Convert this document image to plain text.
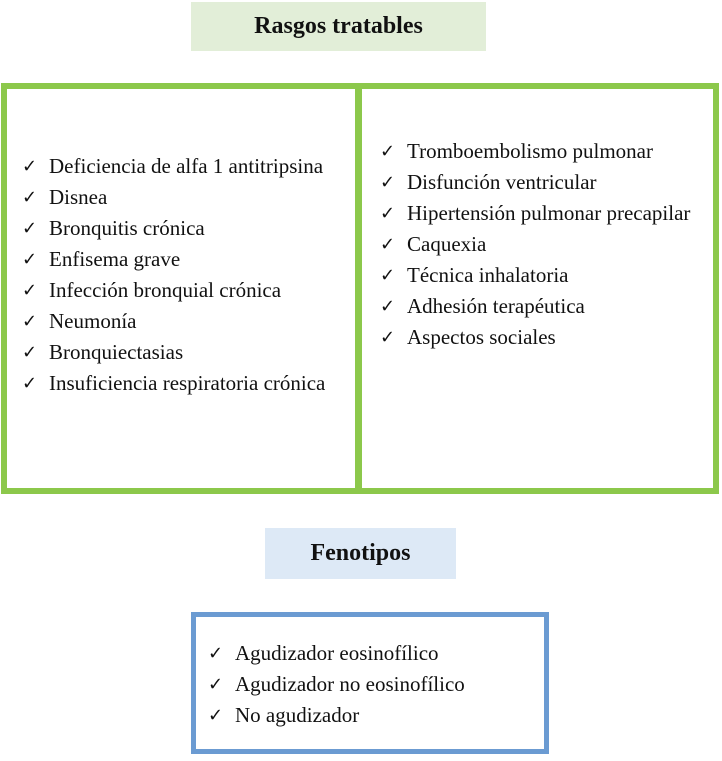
Rasgos tratables
✓ Deficiencia de alfa 1 antitripsina
✓ Disnea
✓ Bronquitis crónica
✓ Enfisema grave
✓ Infección bronquial crónica
✓ Neumonía
✓ Bronquiectasias
✓ Insuficiencia respiratoria crónica
✓ Tromboembolismo pulmonar
✓ Disfunción ventricular
✓ Hipertensión pulmonar precapilar
✓ Caquexia
✓ Técnica inhalatoria
✓ Adhesión terapéutica
✓ Aspectos sociales
Fenotipos
✓ Agudizador eosinofílico
✓ Agudizador no eosinofílico
✓ No agudizador
